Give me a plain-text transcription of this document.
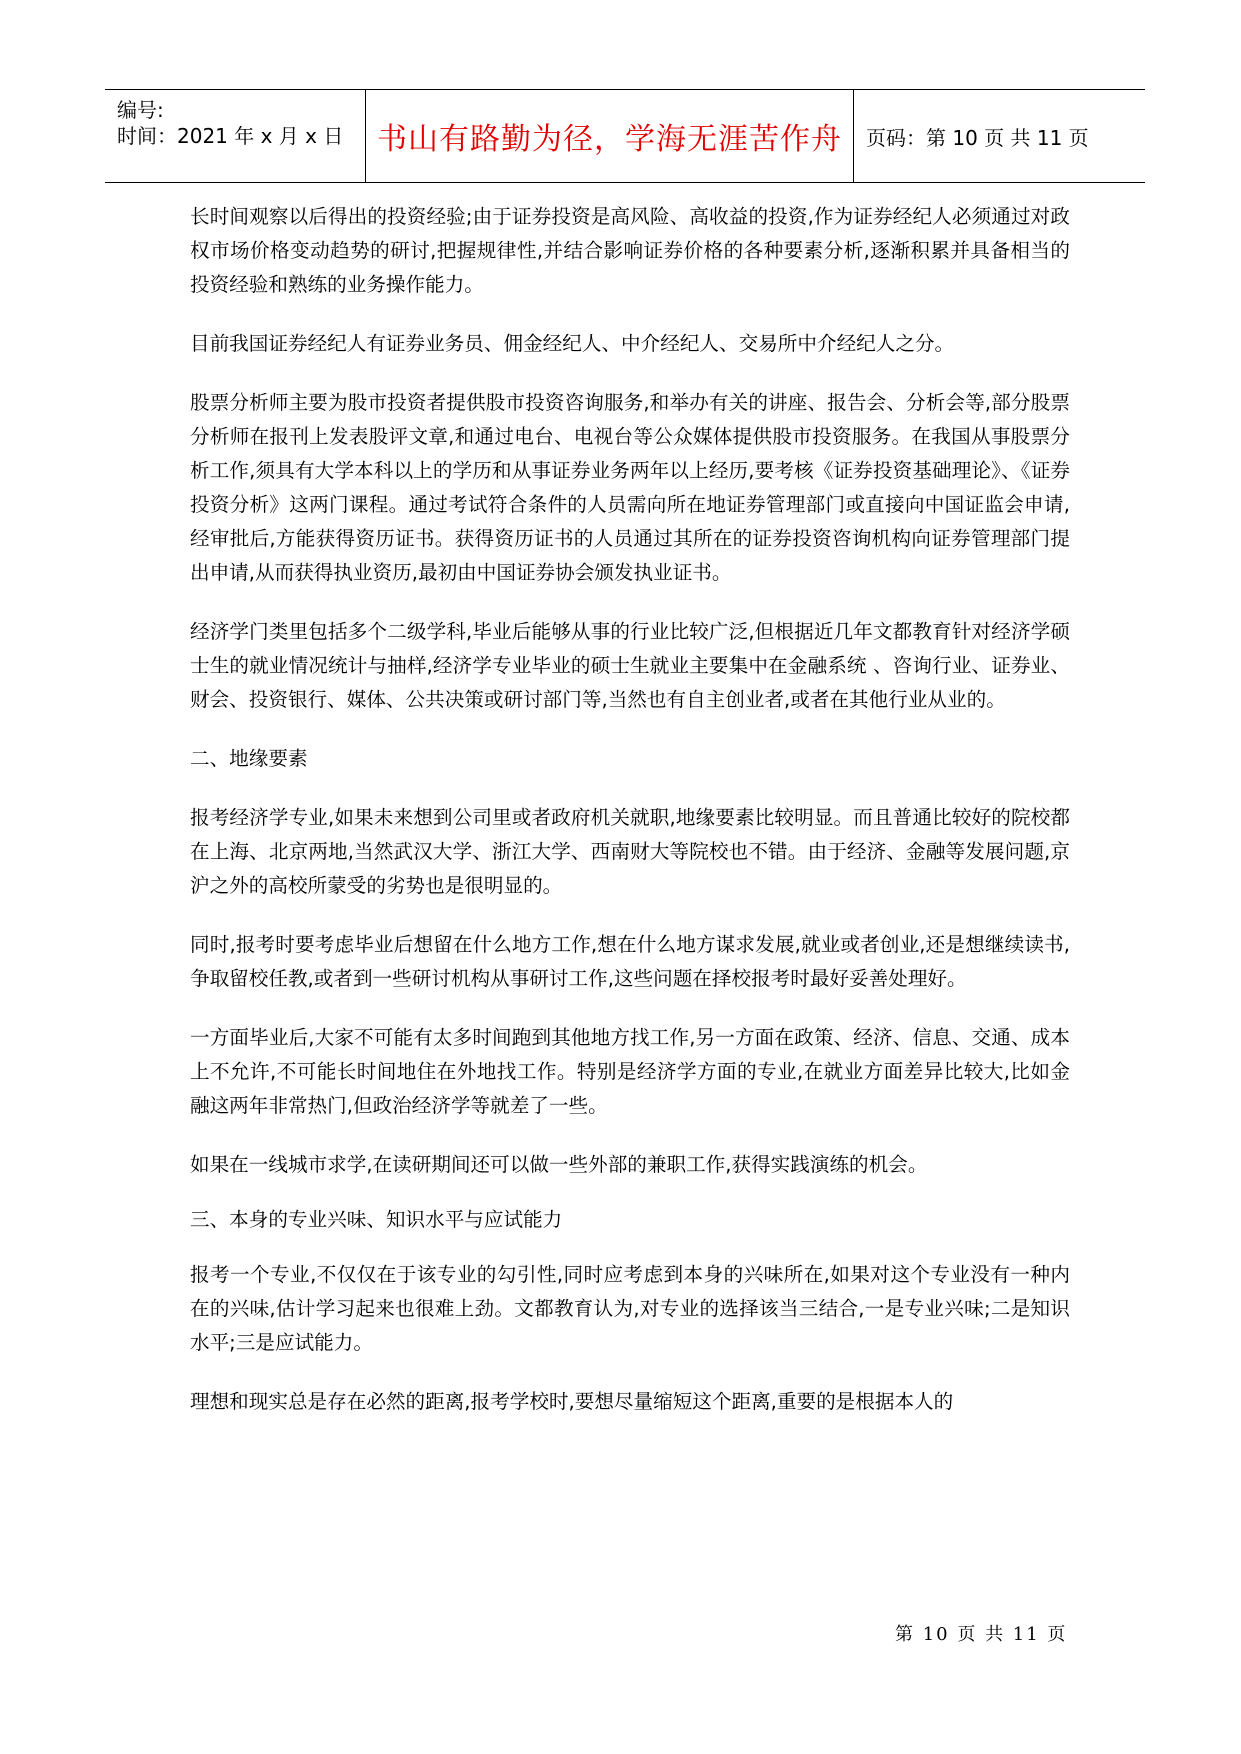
编号:
时间：2021 年 x 月 x 日 书山有路勤为径，学海无涯苦作舟 页码：第 10 页 共 11 页

长时间观察以后得出的投资经验;由于证券投资是高风险、高收益的投资,作为证券经纪人必须通过对政权市场价格变动趋势的研讨,把握规律性,并结合影响证券价格的各种要素分析,逐渐积累并具备相当的投资经验和熟练的业务操作能力。

目前我国证券经纪人有证券业务员、佣金经纪人、中介经纪人、交易所中介经纪人之分。

股票分析师主要为股市投资者提供股市投资咨询服务,和举办有关的讲座、报告会、分析会等,部分股票分析师在报刊上发表股评文章,和通过电台、电视台等公众媒体提供股市投资服务。在我国从事股票分析工作,须具有大学本科以上的学历和从事证券业务两年以上经历,要考核《证券投资基础理论》、《证券投资分析》这两门课程。通过考试符合条件的人员需向所在地证券管理部门或直接向中国证监会申请,经审批后,方能获得资历证书。获得资历证书的人员通过其所在的证券投资咨询机构向证券管理部门提出申请,从而获得执业资历,最初由中国证券协会颁发执业证书。

经济学门类里包括多个二级学科,毕业后能够从事的行业比较广泛,但根据近几年文都教育针对经济学硕士生的就业情况统计与抽样,经济学专业毕业的硕士生就业主要集中在金融系统 、咨询行业、证券业、财会、投资银行、媒体、公共决策或研讨部门等,当然也有自主创业者,或者在其他行业从业的。

二、地缘要素

报考经济学专业,如果未来想到公司里或者政府机关就职,地缘要素比较明显。而且普通比较好的院校都在上海、北京两地,当然武汉大学、浙江大学、西南财大等院校也不错。由于经济、金融等发展问题,京沪之外的高校所蒙受的劣势也是很明显的。

同时,报考时要考虑毕业后想留在什么地方工作,想在什么地方谋求发展,就业或者创业,还是想继续读书,争取留校任教,或者到一些研讨机构从事研讨工作,这些问题在择校报考时最好妥善处理好。

一方面毕业后,大家不可能有太多时间跑到其他地方找工作,另一方面在政策、经济、信息、交通、成本上不允许,不可能长时间地住在外地找工作。特别是经济学方面的专业,在就业方面差异比较大,比如金融这两年非常热门,但政治经济学等就差了一些。

如果在一线城市求学,在读研期间还可以做一些外部的兼职工作,获得实践演练的机会。

三、本身的专业兴味、知识水平与应试能力

报考一个专业,不仅仅在于该专业的勾引性,同时应考虑到本身的兴味所在,如果对这个专业没有一种内在的兴味,估计学习起来也很难上劲。文都教育认为,对专业的选择该当三结合,一是专业兴味;二是知识水平;三是应试能力。

理想和现实总是存在必然的距离,报考学校时,要想尽量缩短这个距离,重要的是根据本人的

第 10 页 共 11 页
